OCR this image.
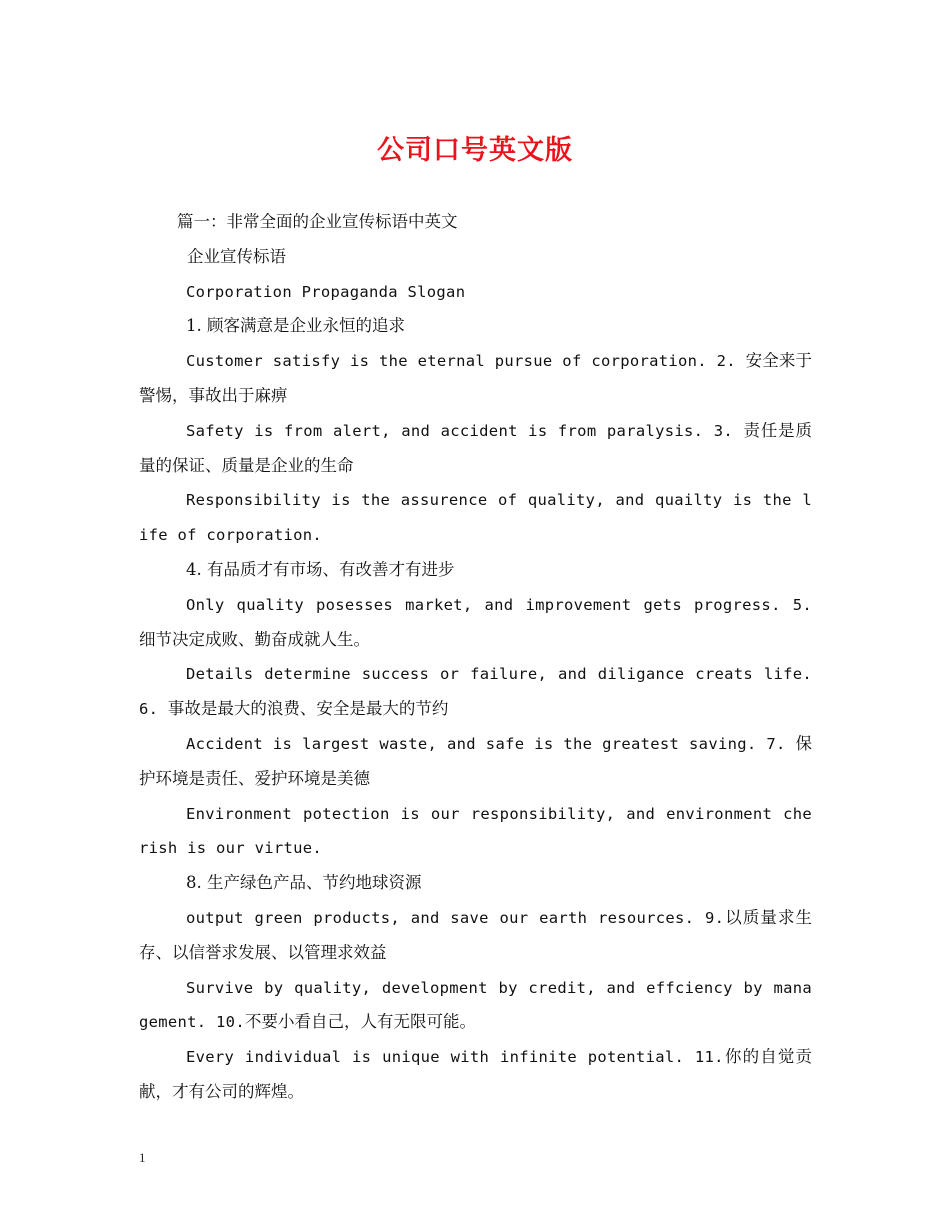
公司口号英文版

篇一：非常全面的企业宣传标语中英文

企业宣传标语

Corporation Propaganda Slogan

1. 顾客满意是企业永恒的追求

Customer satisfy is the eternal pursue of corporation. 2. 安全来于警惕，事故出于麻痹

Safety is from alert, and accident is from paralysis. 3. 责任是质量的保证、质量是企业的生命

Responsibility is the assurence of quality, and quailty is the life of corporation.

4. 有品质才有市场、有改善才有进步

Only quality posesses market, and improvement gets progress. 5. 细节决定成败、勤奋成就人生。

Details determine success or failure, and diligance creats life. 6. 事故是最大的浪费、安全是最大的节约

Accident is largest waste, and safe is the greatest saving. 7. 保护环境是责任、爱护环境是美德

Environment potection is our responsibility, and environment cherish is our virtue.

8. 生产绿色产品、节约地球资源

output green products, and save our earth resources. 9.以质量求生存、以信誉求发展、以管理求效益

Survive by quality, development by credit, and effciency by management. 10.不要小看自己，人有无限可能。

Every individual is unique with infinite potential. 11.你的自觉贡献，才有公司的辉煌。

1
